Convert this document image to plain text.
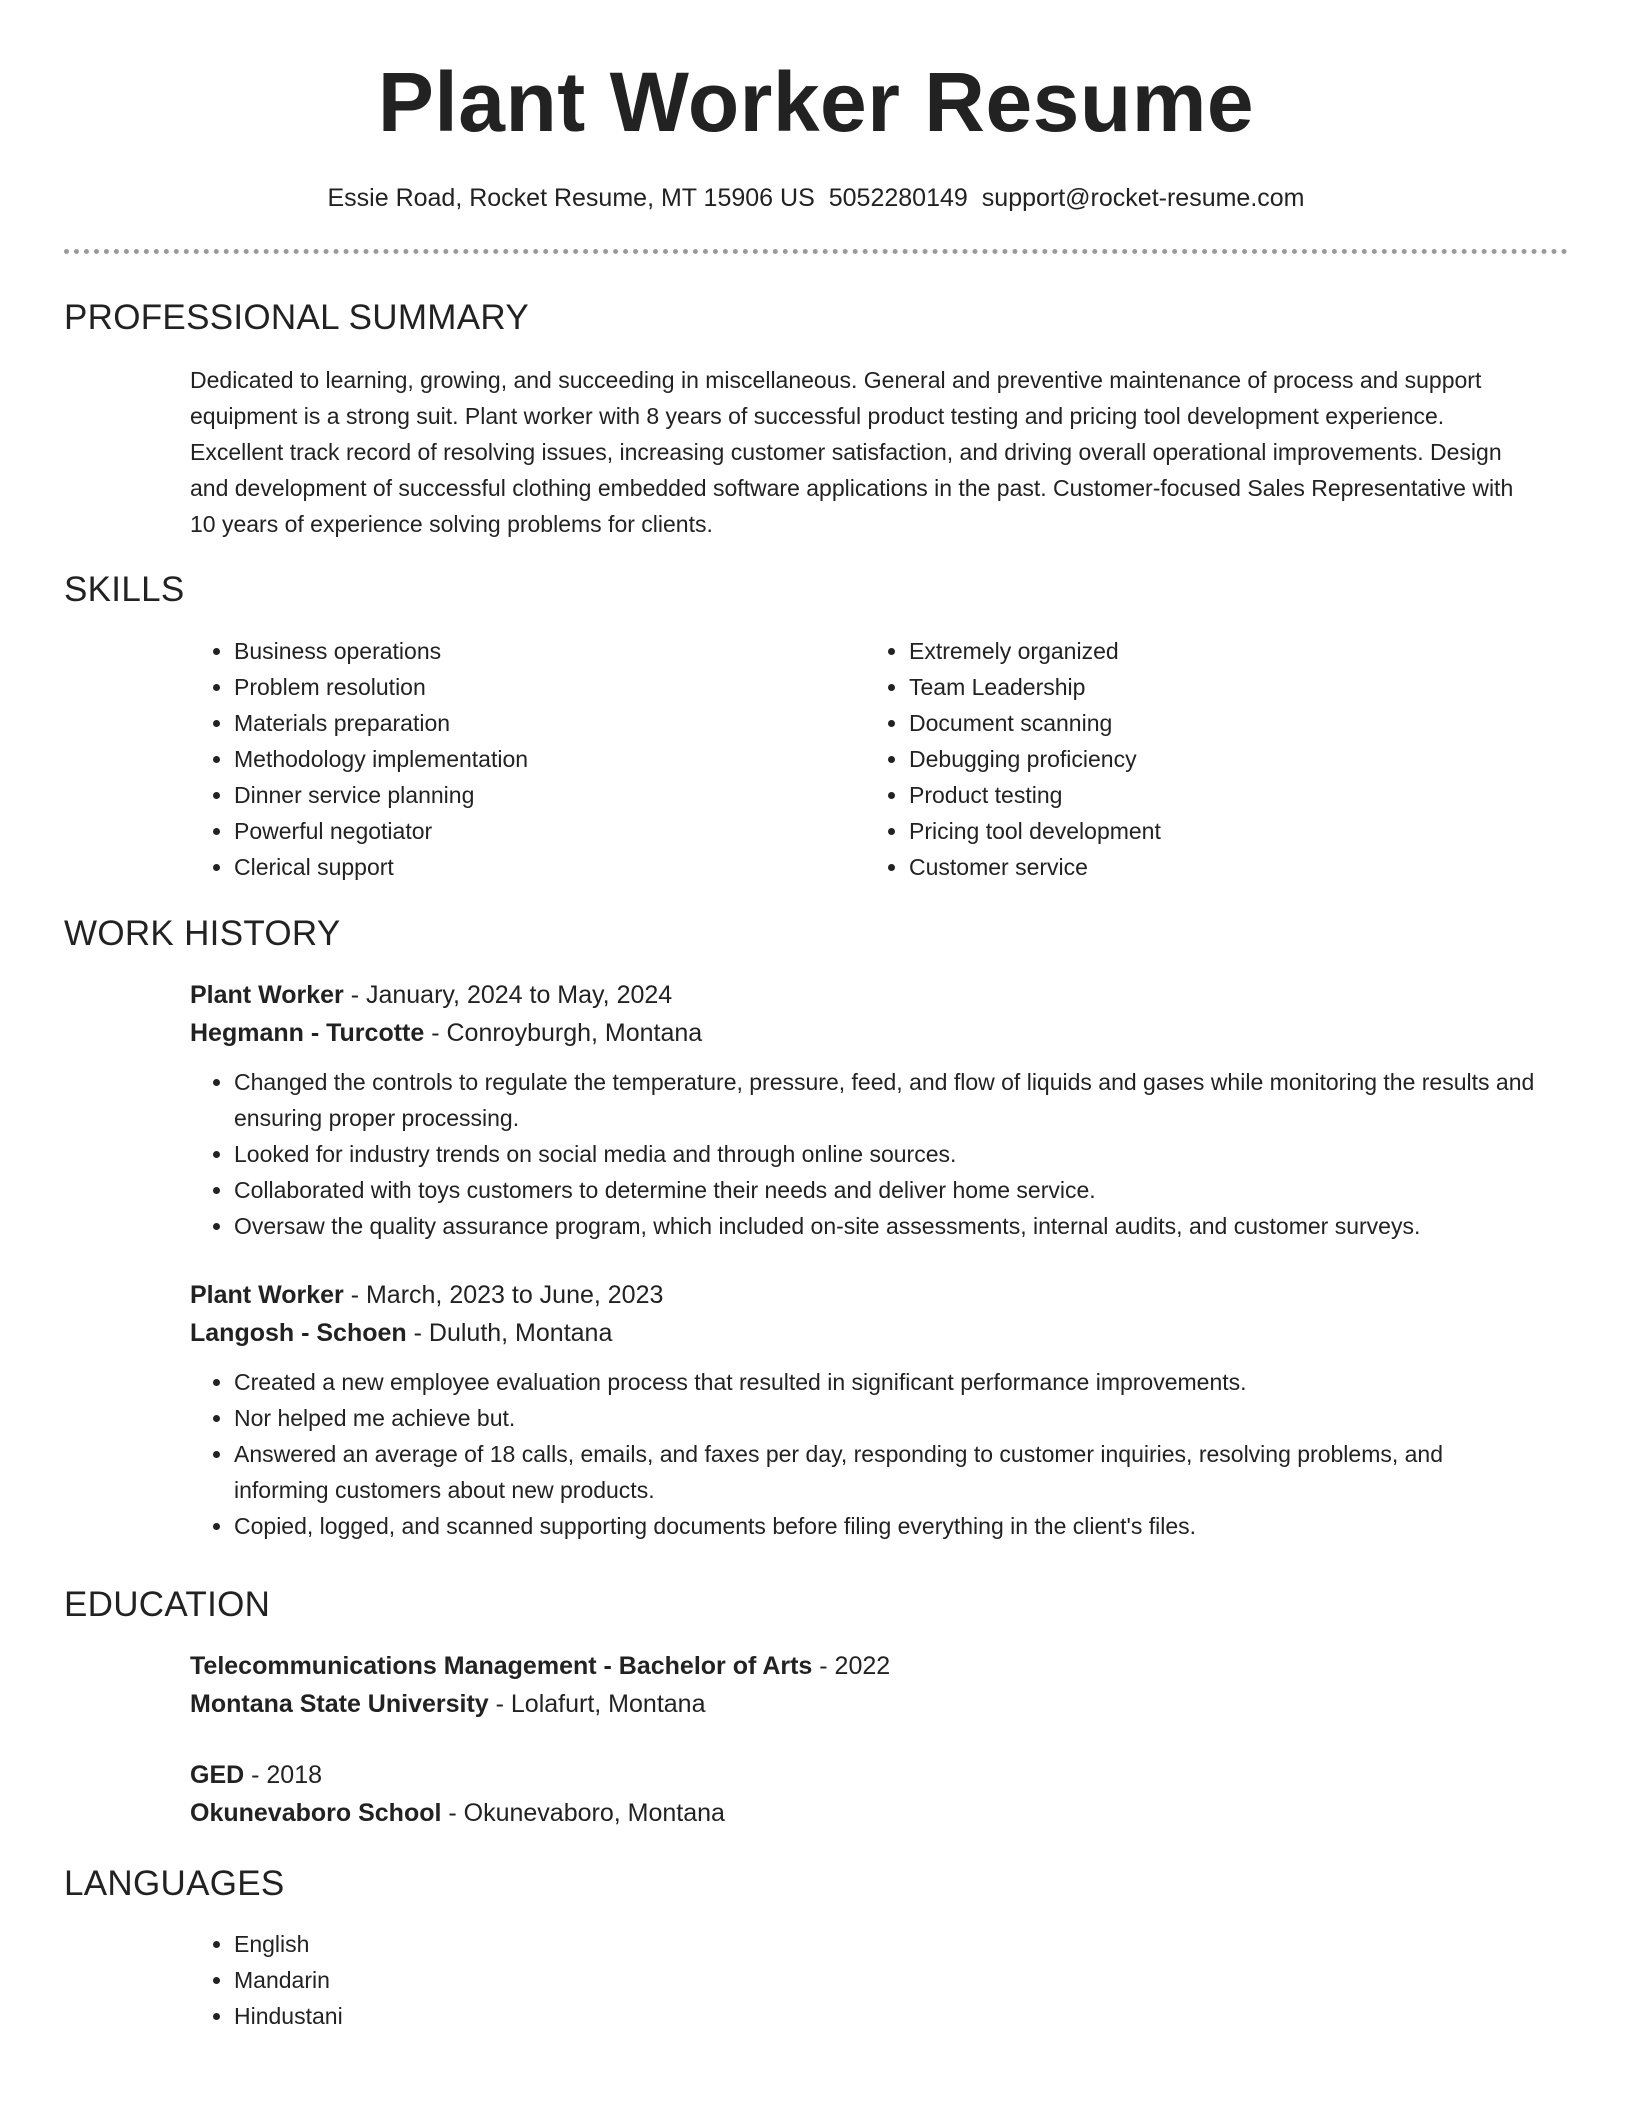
Plant Worker Resume
Essie Road, Rocket Resume, MT 15906 US 5052280149 support@rocket-resume.com
PROFESSIONAL SUMMARY
Dedicated to learning, growing, and succeeding in miscellaneous. General and preventive maintenance of process and support equipment is a strong suit. Plant worker with 8 years of successful product testing and pricing tool development experience. Excellent track record of resolving issues, increasing customer satisfaction, and driving overall operational improvements. Design and development of successful clothing embedded software applications in the past. Customer-focused Sales Representative with 10 years of experience solving problems for clients.
SKILLS
• Business operations
• Problem resolution
• Materials preparation
• Methodology implementation
• Dinner service planning
• Powerful negotiator
• Clerical support
• Extremely organized
• Team Leadership
• Document scanning
• Debugging proficiency
• Product testing
• Pricing tool development
• Customer service
WORK HISTORY
Plant Worker - January, 2024 to May, 2024
Hegmann - Turcotte - Conroyburgh, Montana
• Changed the controls to regulate the temperature, pressure, feed, and flow of liquids and gases while monitoring the results and ensuring proper processing.
• Looked for industry trends on social media and through online sources.
• Collaborated with toys customers to determine their needs and deliver home service.
• Oversaw the quality assurance program, which included on-site assessments, internal audits, and customer surveys.
Plant Worker - March, 2023 to June, 2023
Langosh - Schoen - Duluth, Montana
• Created a new employee evaluation process that resulted in significant performance improvements.
• Nor helped me achieve but.
• Answered an average of 18 calls, emails, and faxes per day, responding to customer inquiries, resolving problems, and informing customers about new products.
• Copied, logged, and scanned supporting documents before filing everything in the client's files.
EDUCATION
Telecommunications Management - Bachelor of Arts - 2022
Montana State University - Lolafurt, Montana
GED - 2018
Okunevaboro School - Okunevaboro, Montana
LANGUAGES
• English
• Mandarin
• Hindustani
